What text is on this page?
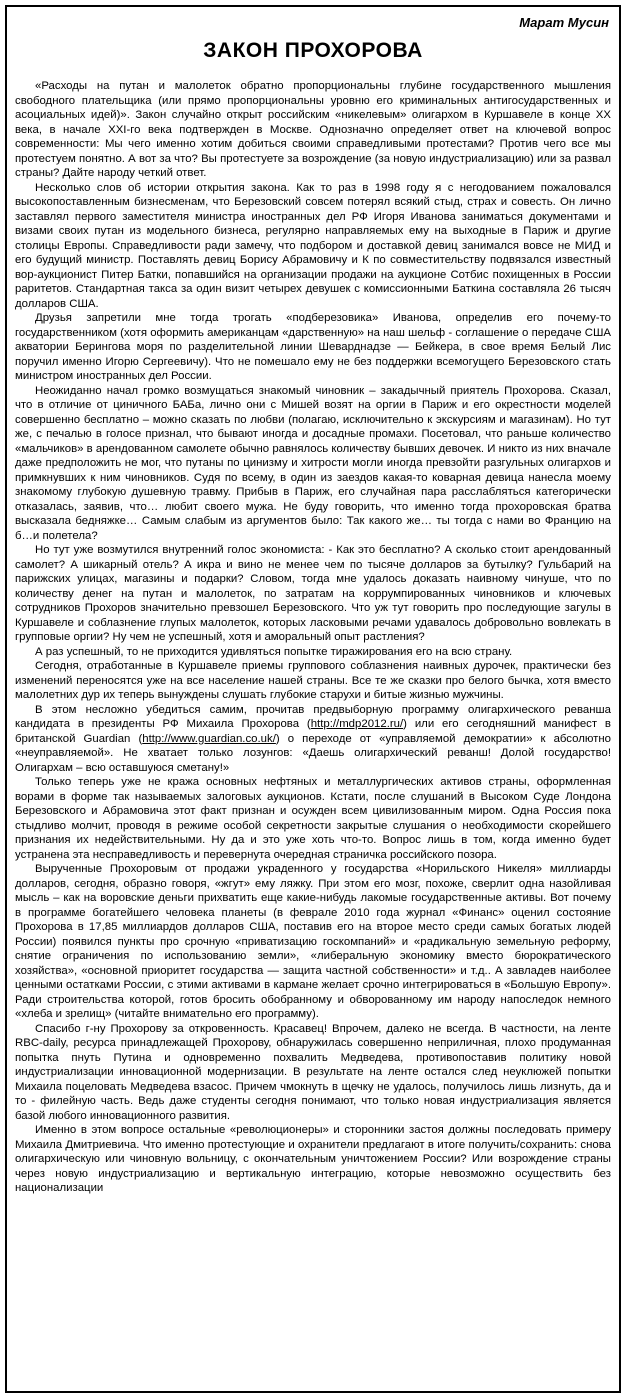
Марат Мусин
ЗАКОН ПРОХОРОВА

«Расходы на путан и малолеток обратно пропорциональны глубине государственного мышления свободного плательщика (или прямо пропорциональны уровню его криминальных антигосударственных и асоциальных идей)». Закон случайно открыт российским «никелевым» олигархом в Куршавеле в конце XX века, в начале XXI-го века подтвержден в Москве. Однозначно определяет ответ на ключевой вопрос современности: Мы чего именно хотим добиться своими справедливыми протестами? Против чего все мы протестуем понятно. А вот за что? Вы протестуете за возрождение (за новую индустриализацию) или за развал страны? Дайте народу четкий ответ.

Несколько слов об истории открытия закона. Как то раз в 1998 году я с негодованием пожаловался высокопоставленным бизнесменам, что Березовский совсем потерял всякий стыд, страх и совесть. Он лично заставлял первого заместителя министра иностранных дел РФ Игоря Иванова заниматься документами и визами своих путан из модельного бизнеса, регулярно направляемых ему на выходные в Париж и другие столицы Европы. Справедливости ради замечу, что подбором и доставкой девиц занимался вовсе не МИД и его будущий министр. Поставлять девиц Борису Абрамовичу и К по совместительству подвязался известный вор-аукционист Питер Батки, попавшийся на организации продажи на аукционе Сотбис похищенных в России раритетов. Стандартная такса за один визит четырех девушек с комиссионными Баткина составляла 26 тысяч долларов США.

Друзья запретили мне тогда трогать «подберезовика» Иванова, определив его почему-то государственником (хотя оформить американцам «дарственную» на наш шельф - соглашение о передаче США акватории Берингова моря по разделительной линии Шеварднадзе — Бейкера, в свое время Белый Лис поручил именно Игорю Сергеевичу). Что не помешало ему не без поддержки всемогущего Березовского стать министром иностранных дел России.

Неожиданно начал громко возмущаться знакомый чиновник – закадычный приятель Прохорова. Сказал, что в отличие от циничного БАБа, лично они с Мишей возят на оргии в Париж и его окрестности моделей совершенно бесплатно – можно сказать по любви (полагаю, исключительно к экскурсиям и магазинам). Но тут же, с печалью в голосе признал, что бывают иногда и досадные промахи. Посетовал, что раньше количество «мальчиков» в арендованном самолете обычно равнялось количеству бывших девочек. И никто из них вначале даже предположить не мог, что путаны по цинизму и хитрости могли иногда превзойти разгульных олигархов и примкнувших к ним чиновников. Судя по всему, в один из заездов какая-то коварная девица нанесла моему знакомому глубокую душевную травму. Прибыв в Париж, его случайная пара расслабляться категорически отказалась, заявив, что… любит своего мужа. Не буду говорить, что именно тогда прохоровская братва высказала бедняжке… Самым слабым из аргументов было: Так какого же… ты тогда с нами во Францию на б…и полетела?

Но тут уже возмутился внутренний голос экономиста: - Как это бесплатно? А сколько стоит арендованный самолет? А шикарный отель? А икра и вино не менее чем по тысяче долларов за бутылку? Гульбарий на парижских улицах, магазины и подарки? Словом, тогда мне удалось доказать наивному чинуше, что по количеству денег на путан и малолеток, по затратам на коррумпированных чиновников и ключевых сотрудников Прохоров значительно превзошел Березовского. Что уж тут говорить про последующие загулы в Куршавеле и соблазнение глупых малолеток, которых ласковыми речами удавалось добровольно вовлекать в групповые оргии? Ну чем не успешный, хотя и аморальный опыт растления?

А раз успешный, то не приходится удивляться попытке тиражирования его на всю страну.

Сегодня, отработанные в Куршавеле приемы группового соблазнения наивных дурочек, практически без изменений переносятся уже на все население нашей страны. Все те же сказки про белого бычка, хотя вместо малолетних дур их теперь вынуждены слушать глубокие старухи и битые жизнью мужчины.

В этом несложно убедиться самим, прочитав предвыборную программу олигархического реванша кандидата в президенты РФ Михаила Прохорова (http://mdp2012.ru/) или его сегодняшний манифест в британской Guardian (http://www.guardian.co.uk/) о переходе от «управляемой демократии» к абсолютно «неуправляемой». Не хватает только лозунгов: «Даешь олигархический реванш! Долой государство! Олигархам – всю оставшуюся сметану!»

Только теперь уже не кража основных нефтяных и металлургических активов страны, оформленная ворами в форме так называемых залоговых аукционов. Кстати, после слушаний в Высоком Суде Лондона Березовского и Абрамовича этот факт признан и осужден всем цивилизованным миром. Одна Россия пока стыдливо молчит, проводя в режиме особой секретности закрытые слушания о необходимости скорейшего признания их недействительными. Ну да и это уже хоть что-то. Вопрос лишь в том, когда именно будет устранена эта несправедливость и перевернута очередная страничка российского позора.

Вырученные Прохоровым от продажи украденного у государства «Норильского Никеля» миллиарды долларов, сегодня, образно говоря, «жгут» ему ляжку. При этом его мозг, похоже, сверлит одна назойливая мысль – как на воровские деньги прихватить еще какие-нибудь лакомые государственные активы. Вот почему в программе богатейшего человека планеты (в феврале 2010 года журнал «Финанс» оценил состояние Прохорова в 17,85 миллиардов долларов США, поставив его на второе место среди самых богатых людей России) появился пункты про срочную «приватизацию госкомпаний» и «радикальную земельную реформу, снятие ограничения по использованию земли», «либеральную экономику вместо бюрократического хозяйства», «основной приоритет государства — защита частной собственности» и т.д.. А завладев наиболее ценными остатками России, с этими активами в кармане желает срочно интегрироваться в «Большую Европу». Ради строительства которой, готов бросить обобранному и обворованному им народу напоследок немного «хлеба и зрелищ» (читайте внимательно его программу).

Спасибо г-ну Прохорову за откровенность. Красавец! Впрочем, далеко не всегда. В частности, на ленте RBC-daily, ресурса принадлежащей Прохорову, обнаружилась совершенно неприличная, плохо продуманная попытка пнуть Путина и одновременно похвалить Медведева, противопоставив политику новой индустриализации инновационной модернизации. В результате на ленте остался след неуклюжей попытки Михаила поцеловать Медведева взасос. Причем чмокнуть в щечку не удалось, получилось лишь лизнуть, да и то - филейную часть. Ведь даже студенты сегодня понимают, что только новая индустриализация является базой любого инновационного развития.

Именно в этом вопросе остальные «революционеры» и сторонники застоя должны последовать примеру Михаила Дмитриевича. Что именно протестующие и охранители предлагают в итоге получить/сохранить: снова олигархическую или чиновную вольницу, с окончательным уничтожением России? Или возрождение страны через новую индустриализацию и вертикальную интеграцию, которые невозможно осуществить без национализации
